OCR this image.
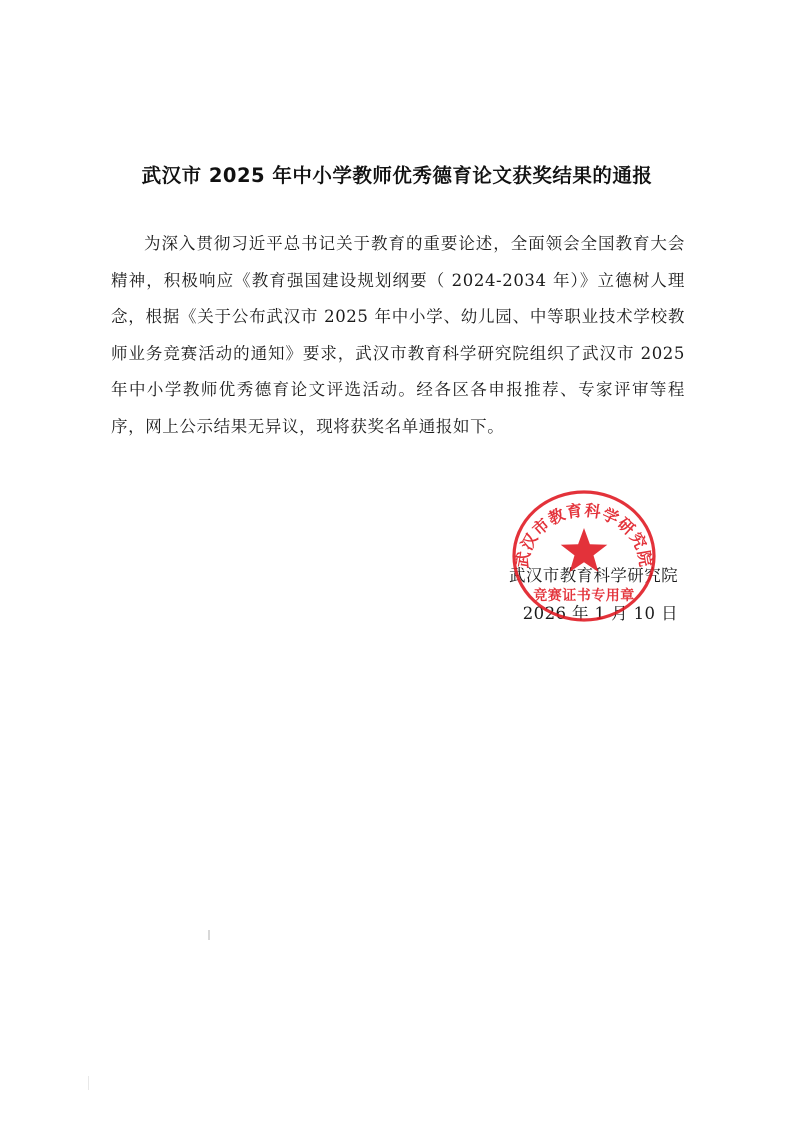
武汉市 2025 年中小学教师优秀德育论文获奖结果的通报
为深入贯彻习近平总书记关于教育的重要论述，全面领会全国教育大会精神，积极响应《教育强国建设规划纲要（ 2024-2034 年）》立德树人理念，根据《关于公布武汉市 2025 年中小学、幼儿园、中等职业技术学校教师业务竞赛活动的通知》要求，武汉市教育科学研究院组织了武汉市 2025 年中小学教师优秀德育论文评选活动。经各区各申报推荐、专家评审等程序，网上公示结果无异议，现将获奖名单通报如下。
武汉市教育科学研究院
2026 年 1 月 10 日
武汉市教育科学研究院
竞赛证书专用章
